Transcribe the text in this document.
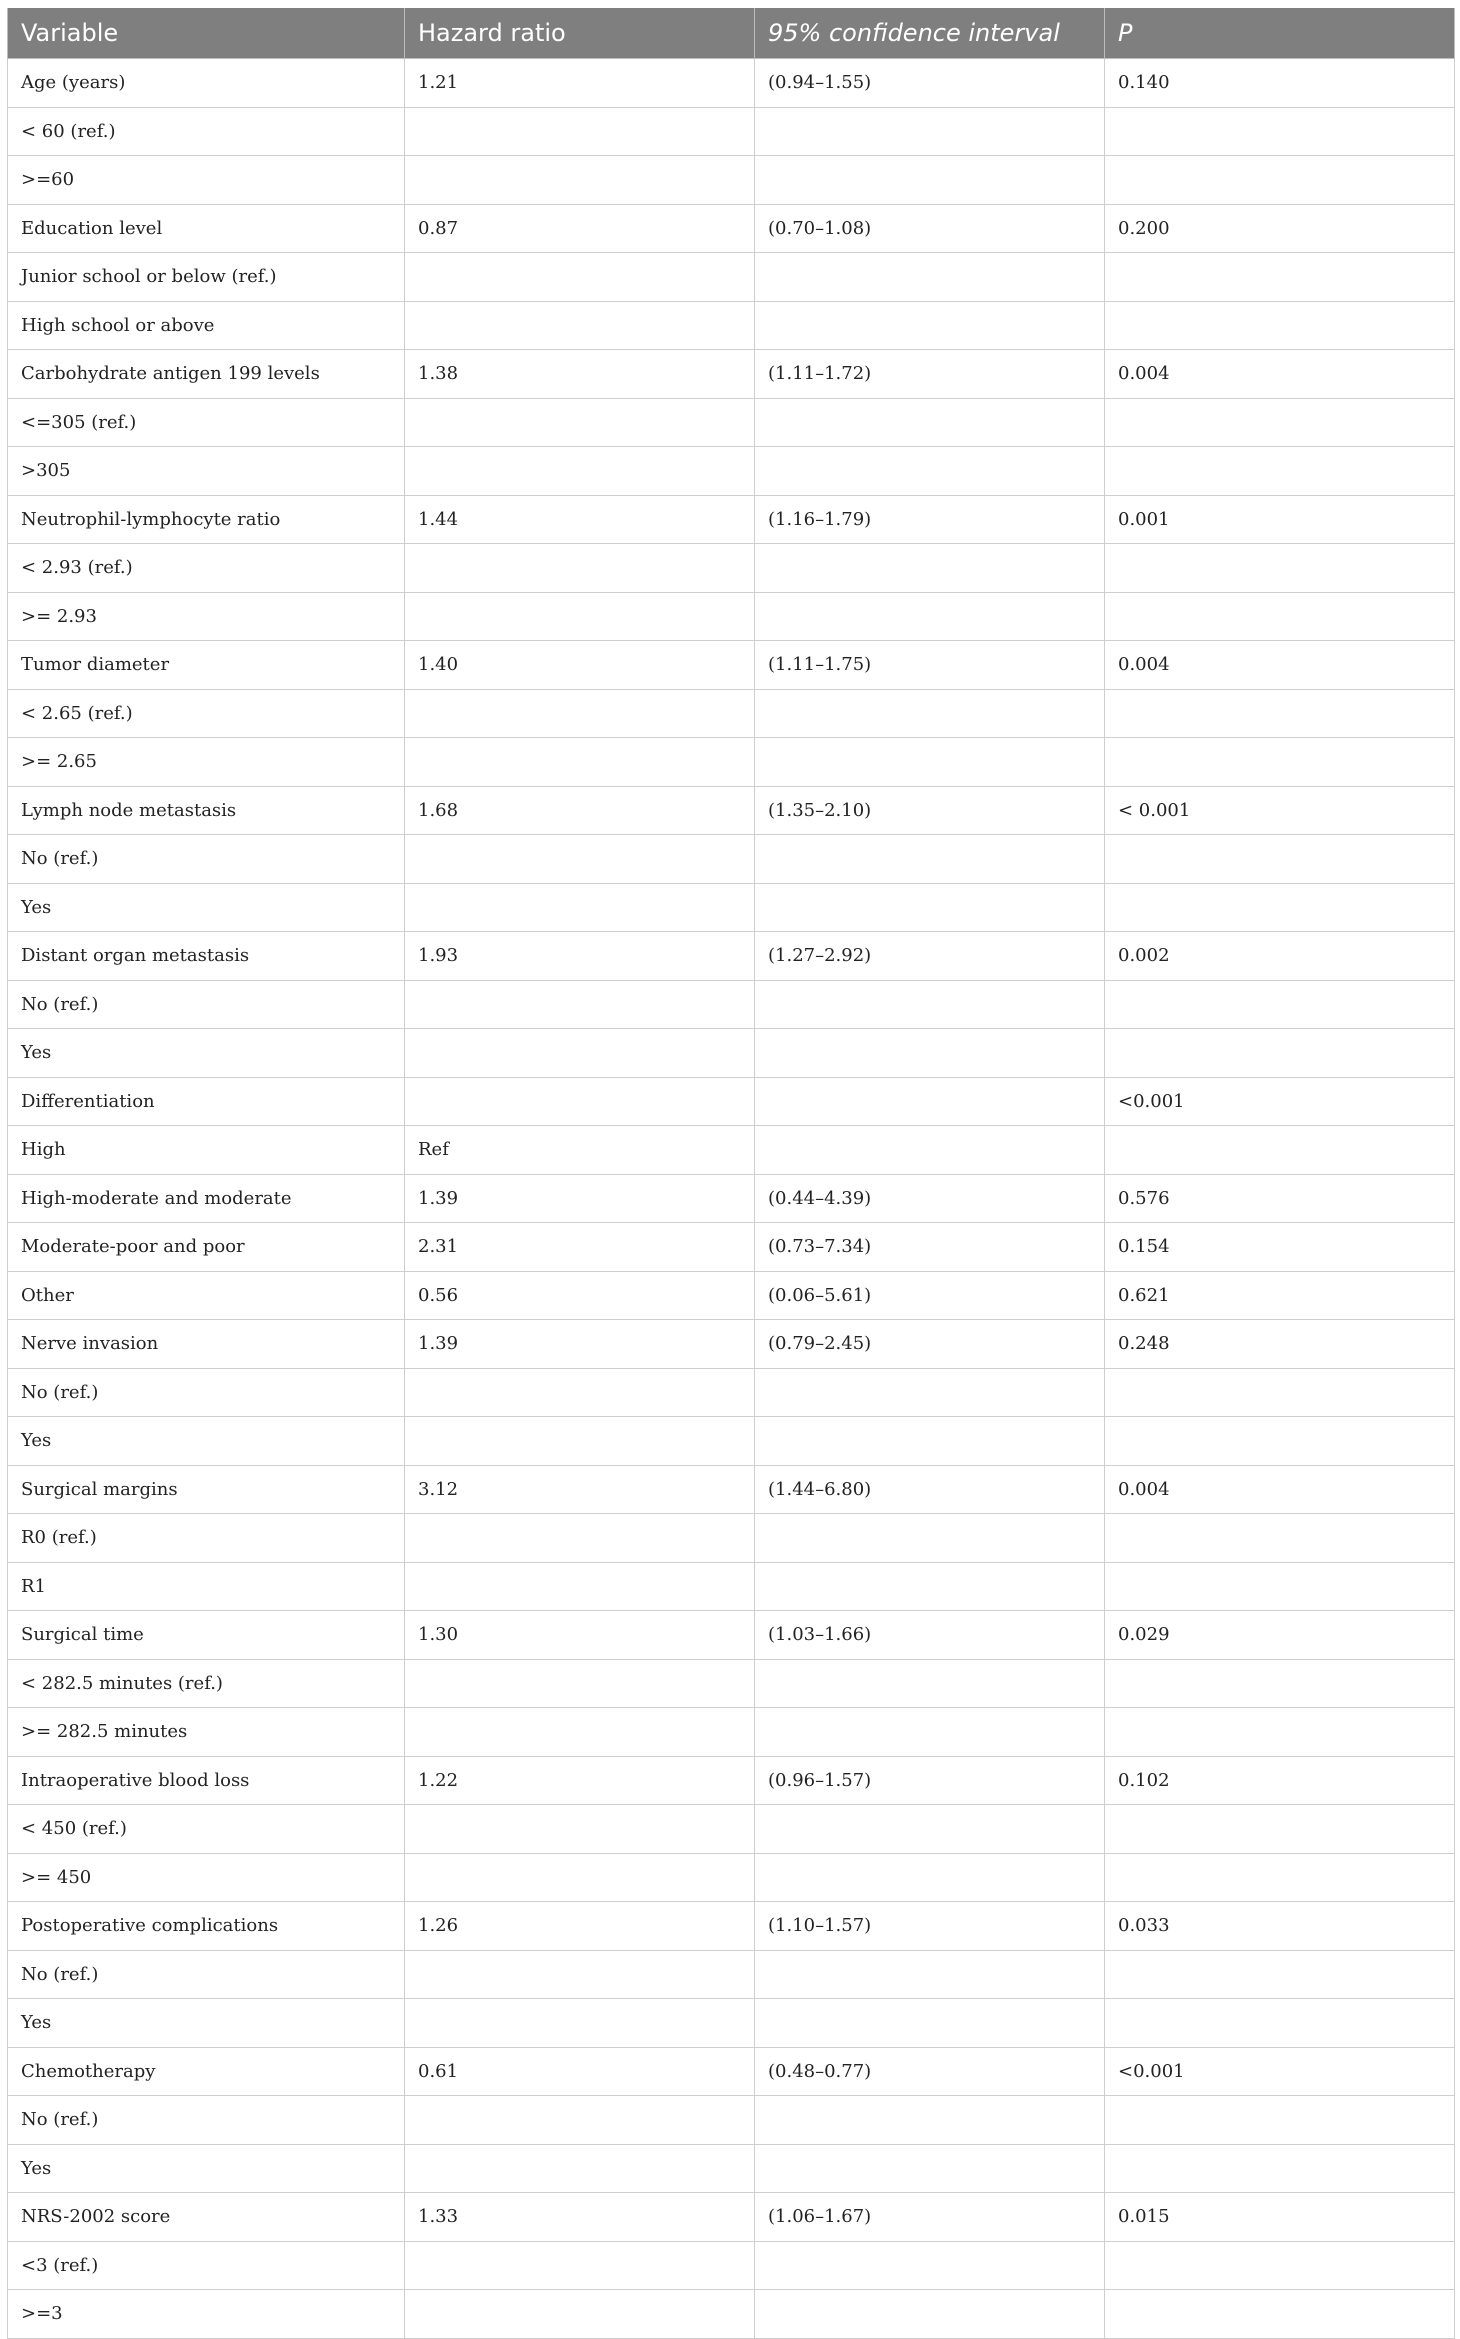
Variable	Hazard ratio	95% confidence interval	P
Age (years)	1.21	(0.94–1.55)	0.140
< 60 (ref.)			
>=60			
Education level	0.87	(0.70–1.08)	0.200
Junior school or below (ref.)			
High school or above			
Carbohydrate antigen 199 levels	1.38	(1.11–1.72)	0.004
<=305 (ref.)			
>305			
Neutrophil-lymphocyte ratio	1.44	(1.16–1.79)	0.001
< 2.93 (ref.)			
>= 2.93			
Tumor diameter	1.40	(1.11–1.75)	0.004
< 2.65 (ref.)			
>= 2.65			
Lymph node metastasis	1.68	(1.35–2.10)	< 0.001
No (ref.)			
Yes			
Distant organ metastasis	1.93	(1.27–2.92)	0.002
No (ref.)			
Yes			
Differentiation			<0.001
High	Ref		
High-moderate and moderate	1.39	(0.44–4.39)	0.576
Moderate-poor and poor	2.31	(0.73–7.34)	0.154
Other	0.56	(0.06–5.61)	0.621
Nerve invasion	1.39	(0.79–2.45)	0.248
No (ref.)			
Yes			
Surgical margins	3.12	(1.44–6.80)	0.004
R0 (ref.)			
R1			
Surgical time	1.30	(1.03–1.66)	0.029
< 282.5 minutes (ref.)			
>= 282.5 minutes			
Intraoperative blood loss	1.22	(0.96–1.57)	0.102
< 450 (ref.)			
>= 450			
Postoperative complications	1.26	(1.10–1.57)	0.033
No (ref.)			
Yes			
Chemotherapy	0.61	(0.48–0.77)	<0.001
No (ref.)			
Yes			
NRS-2002 score	1.33	(1.06–1.67)	0.015
<3 (ref.)			
>=3			
